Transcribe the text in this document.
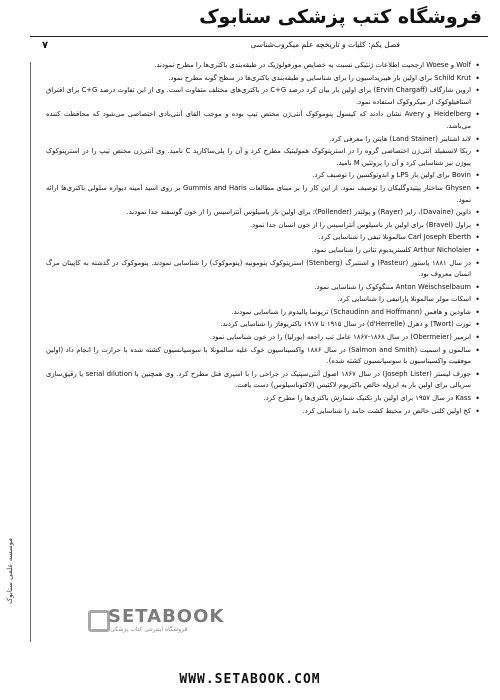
فروشگاه کتب پزشکی ستابوک
فصل یکم: کلیات و تاریخچه علم میکروب‌شناسی
۷
موسسه علمی ستابوک
• Wolf و Woese ارجحیت اطلاعات ژنتیکی نسبت به خصایص مورفولوژیک در طبقه‌بندی باکتری‌ها را مطرح نمودند.
• Schild Krut برای اولین بار هیبریداسیون را برای شناسایی و طبقه‌بندی باکتری‌ها در سطح گونه مطرح نمود.
• اروین شارگاف (Ervin Chargaff) برای اولین بار بیان کرد درصد C+G در باکتری‌های مختلف متفاوت است. وی از این تفاوت درصد C+G برای افتراق استافیلوکوک از میکروکوک استفاده نمود.
• Heidelberg و Avery نشان دادند که کپسول پنوموکوک آنتی‌ژن مختص تیپ بوده و موجب القای آنتی‌بادی اختصاصی می‌شود که محافظت کننده می‌باشد.
• لاند اشتاینر (Land Stainer) هاپتن را معرفی کرد.
• ربکا لانسفیلد آنتی‌ژن اختصاصی گروه را در استرپتوکوک همولیتیک مطرح کرد و آن را پلی‌ساکارید C نامید. وی آنتی‌ژن مختص تیپ را در استرپتوکوک پیوژن نیز شناسایی کرد و آن را پروتئین M نامید.
• Bovin برای اولین بار LPS و اندوتوکسین را توصیف کرد.
• Ghysen ساختار پپتیدوگلیکان را توصیف نمود. از این کار را بر مبنای مطالعات Gummis and Haris بر روی اسید آمینه دیواره سلولی باکتری‌ها ارائه نمود.
• داوین (Davaine)، رایر (Rayer) و پولندر (Pollender)؛ برای اولین بار باسیلوس آنتراسیس را از خون گوسفند جدا نمودند.
• براول (Bravel) برای اولین بار باسیلوس آنتراسیس را از خون انسان جدا نمود.
• Carl Joseph Eberth سالمونلا تیفی را شناسایی کرد.
• Arthur Nicholaier کلستریدیوم تتانی را شناسایی نمود.
• در سال ۱۸۸۱ پاستور (Pasteur) و اشتنبرگ (Stenberg) استرپتوکوک پنومونیه (پنوموکوک) را شناسایی نمودند. پنوموکوک در گذشته به کاپیتان مرگ انسان معروف بود.
• Anton Weischselbaum مننگوکوک را شناسایی نمود.
• اسکات مولر سالمونلا پاراتیفی را شناسایی کرد.
• شاودین و هافمن (Schaudinn and Hoffmann) ترپونما پالیدوم را شناسایی نمودند.
• تورت (Twort) و دهرل (d'Herrelle) در سال ۱۹۱۵ تا ۱۹۱۷ باکتریوفاژ را شناسایی کردند.
• ابرمیر (Obermeier) در سال ۱۸۶۸-۱۸۶۷ عامل تب راجعه (بورلیا) را در خون شناسایی نمود.
• سالمون و اسمیت (Salmon and Smith) در سال ۱۸۸۶ واکسیناسیون خوک علیه سالمونلا با سوسپانسیون کشته شده با حرارت را انجام داد (اولین موفقیت واکسیناسیون با سوسپانسیون کشته شده).
• جوزف لیستر (Joseph Lister) در سال ۱۸۶۷ اصول آنتی‌سپتیک در جراحی را با اسپری فنل مطرح کرد. وی همچنین با serial dilution یا رقیق‌سازی سریالی برای اولین بار به ایزوله خالص باکتریوم لاکتیس (لاکتوباسیلوس) دست یافت.
• Kass در سال ۱۹۵۷ برای اولین بار تکنیک شمارش باکتری‌ها را مطرح کرد.
• کخ اولین کلنی خالص در محیط کشت جامد را شناسایی کرد.
SETABOOK
فروشگاه اینترنتی کتاب پزشکی
WWW.SETABOOK.COM
